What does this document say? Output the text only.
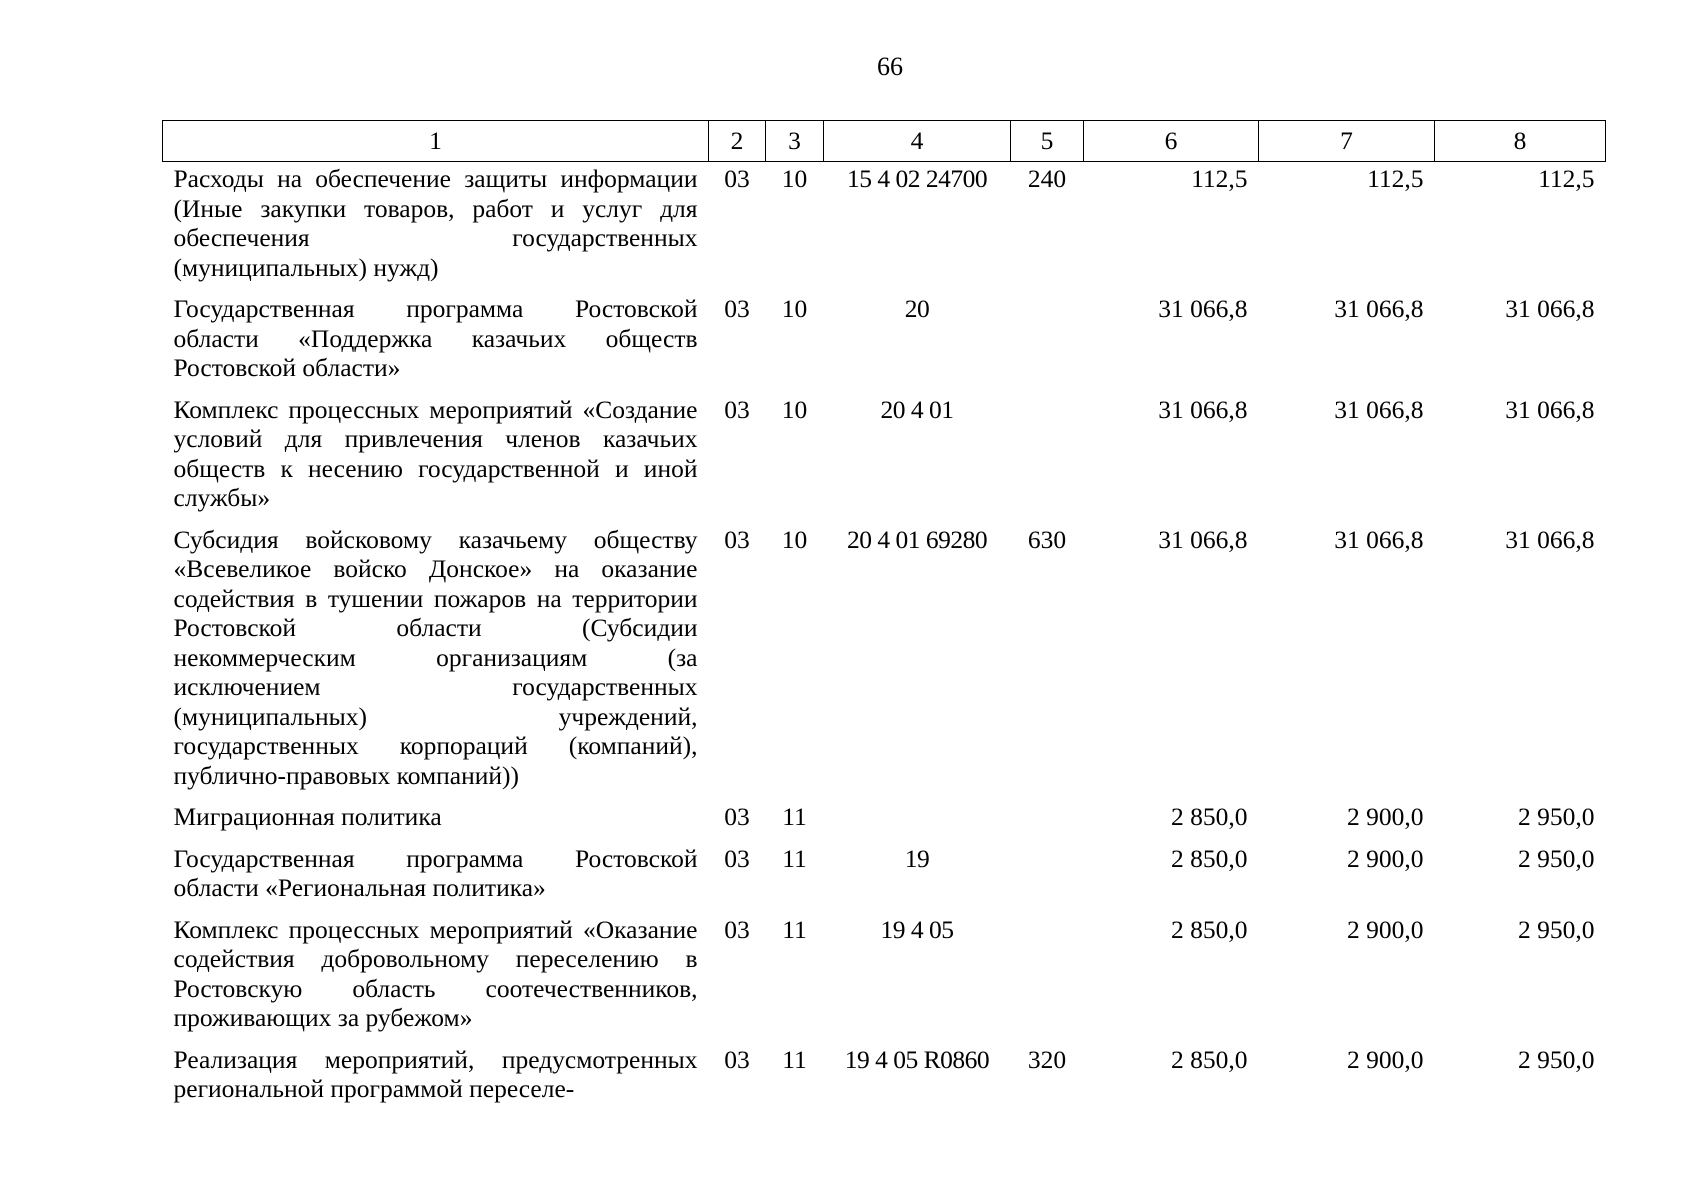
66
1	2	3	4	5	6	7	8
Расходы на обеспечение защиты информации (Иные закупки товаров, работ и услуг для обеспечения государственных (муниципальных) нужд)	03	10	15 4 02 24700	240	112,5	112,5	112,5
Государственная программа Ростовской области «Поддержка казачьих обществ Ростовской области»	03	10	20		31 066,8	31 066,8	31 066,8
Комплекс процессных мероприятий «Создание условий для привлечения членов казачьих обществ к несению государственной и иной службы»	03	10	20 4 01		31 066,8	31 066,8	31 066,8
Субсидия войсковому казачьему обществу «Всевеликое войско Донское» на оказание содействия в тушении пожаров на территории Ростовской области (Субсидии некоммерческим организациям (за исключением государственных (муниципальных) учреждений, государственных корпораций (компаний), публично-правовых компаний))	03	10	20 4 01 69280	630	31 066,8	31 066,8	31 066,8
Миграционная политика	03	11			2 850,0	2 900,0	2 950,0
Государственная программа Ростовской области «Региональная политика»	03	11	19		2 850,0	2 900,0	2 950,0
Комплекс процессных мероприятий «Оказание содействия добровольному переселению в Ростовскую область соотечественников, проживающих за рубежом»	03	11	19 4 05		2 850,0	2 900,0	2 950,0
Реализация мероприятий, предусмотренных региональной программой переселе-	03	11	19 4 05 R0860	320	2 850,0	2 900,0	2 950,0
